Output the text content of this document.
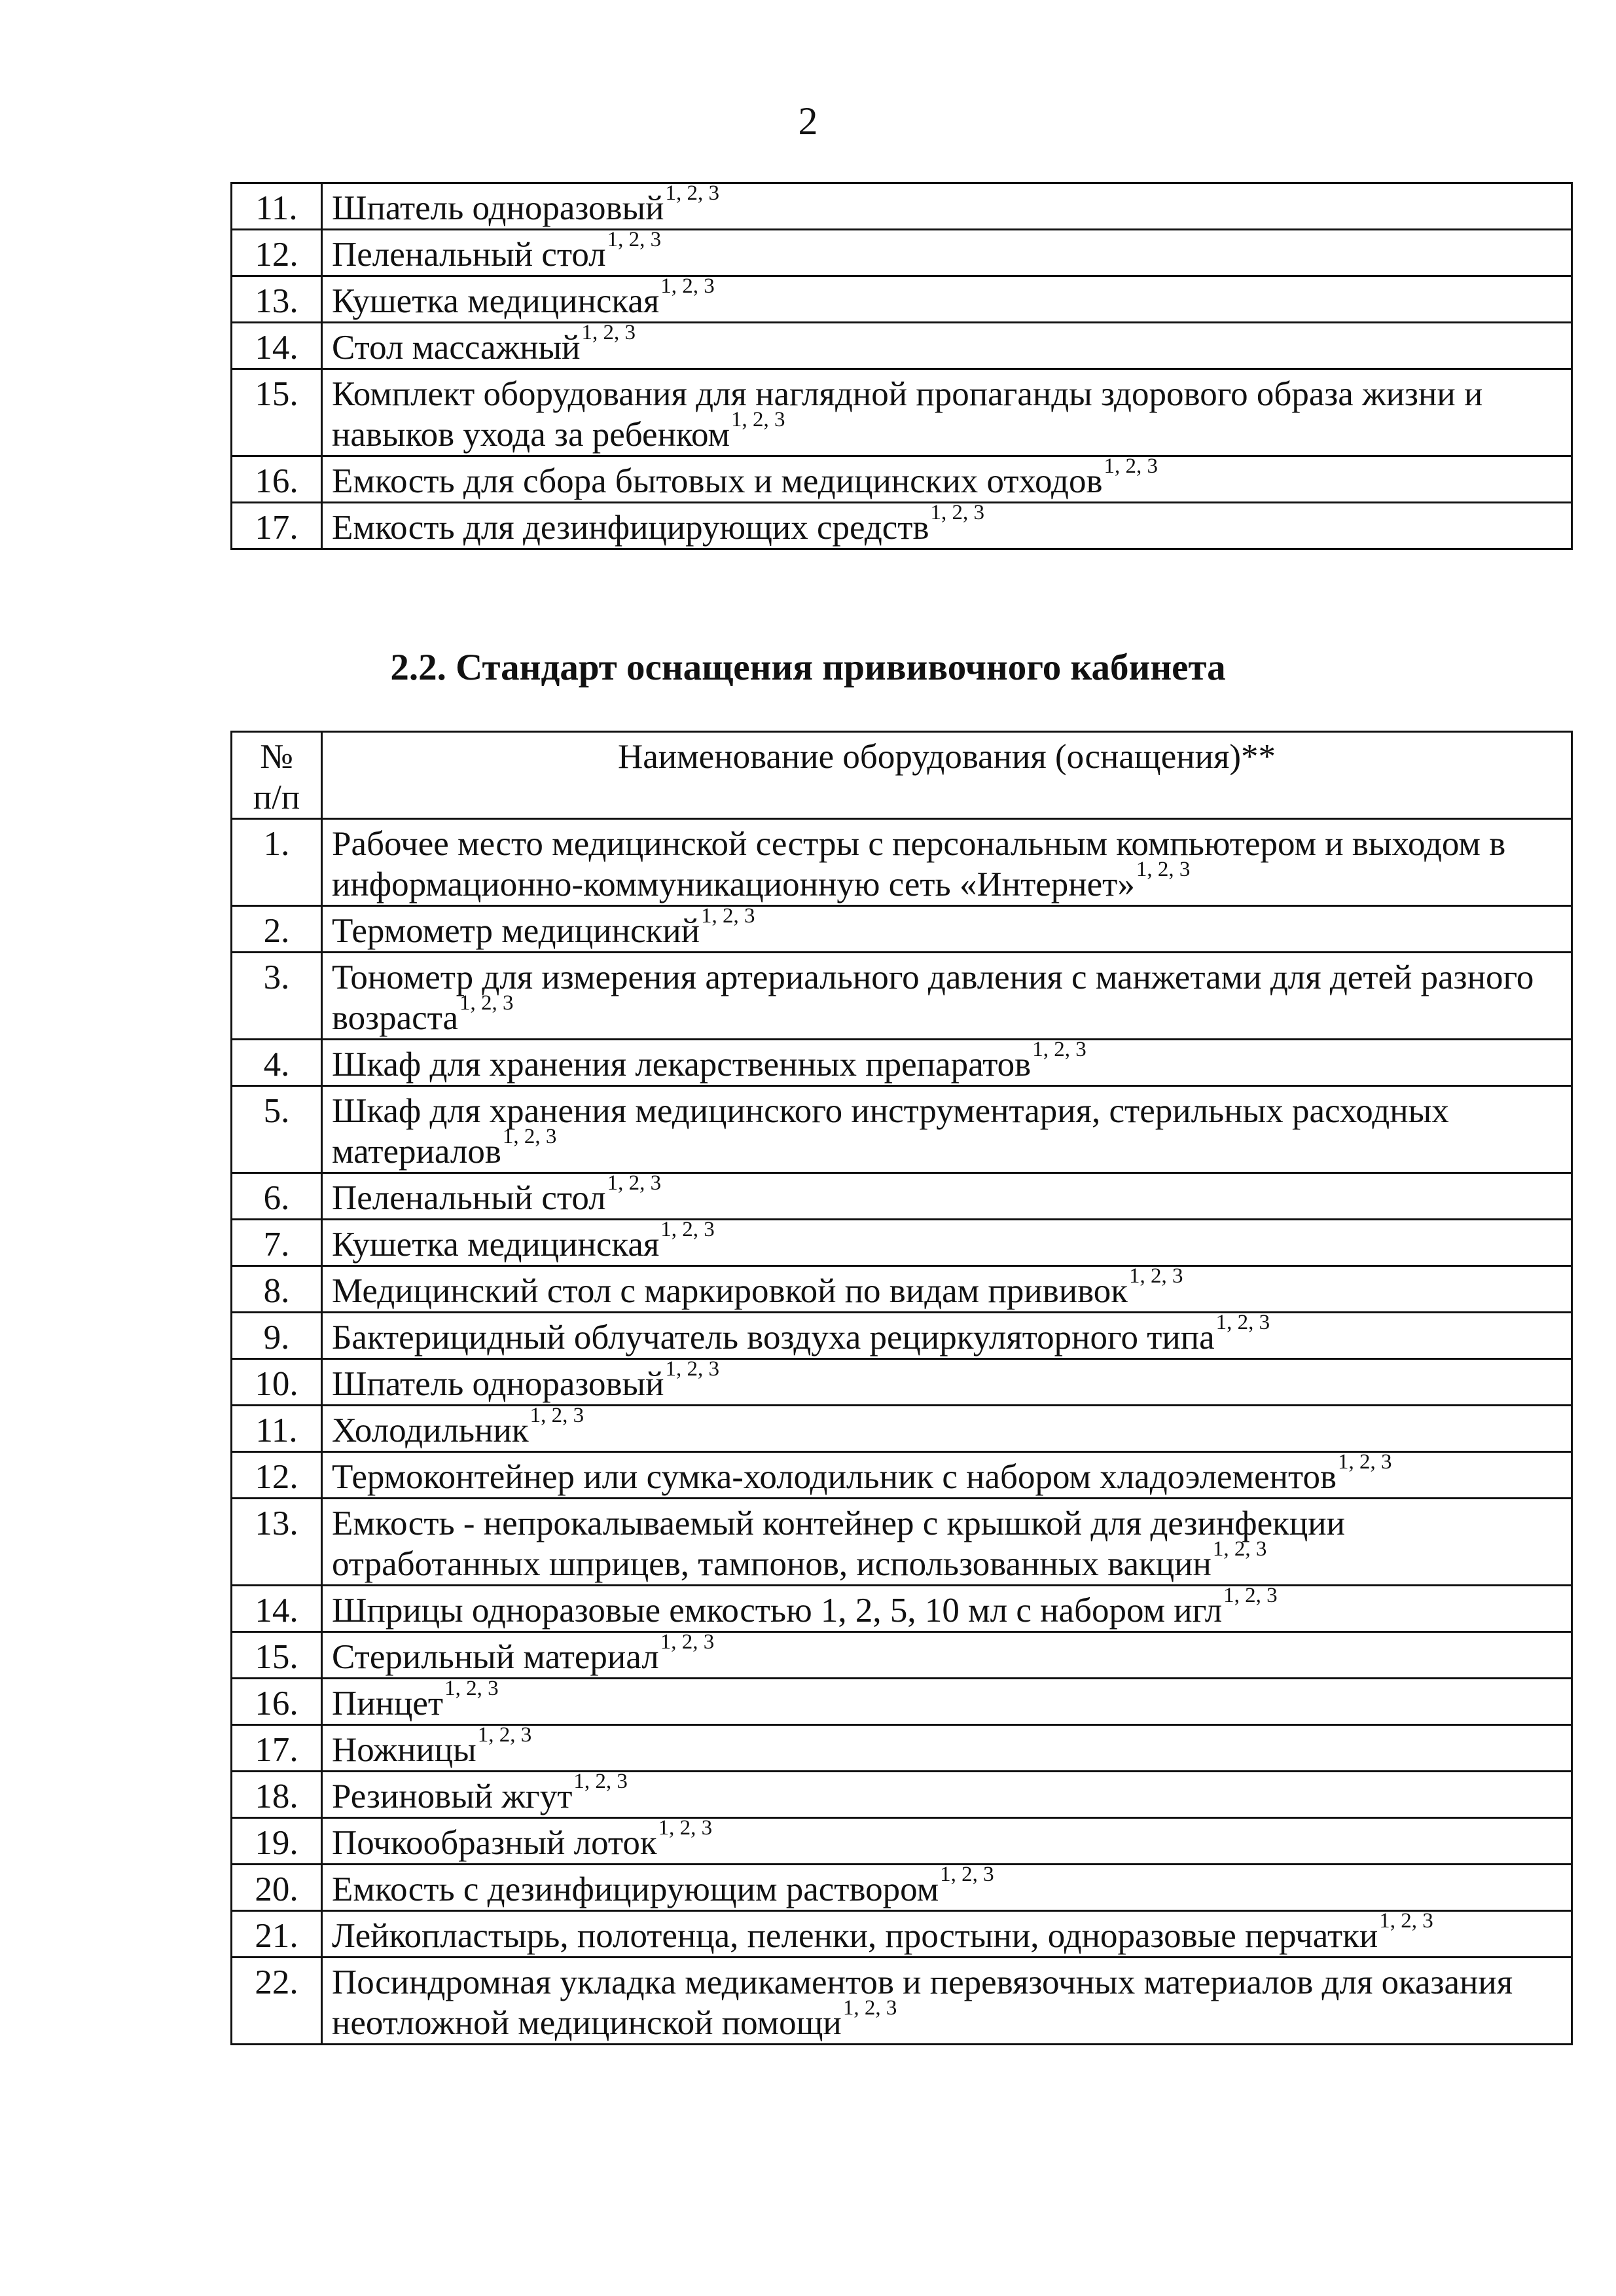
2
11.	Шпатель одноразовый$^{1, 2, 3}$
12.	Пеленальный стол$^{1, 2, 3}$
13.	Кушетка медицинская$^{1, 2, 3}$
14.	Стол массажный$^{1, 2, 3}$
15.	Комплект оборудования для наглядной пропаганды здорового образа жизни и навыков ухода за ребенком$^{1, 2, 3}$
16.	Емкость для сбора бытовых и медицинских отходов$^{1, 2, 3}$
17.	Емкость для дезинфицирующих средств$^{1, 2, 3}$
2.2. Стандарт оснащения прививочного кабинета
№
п/п	Наименование оборудования (оснащения)**
1.	Рабочее место медицинской сестры с персональным компьютером и выходом в информационно-коммуникационную сеть «Интернет»$^{1, 2, 3}$
2.	Термометр медицинский$^{1, 2, 3}$
3.	Тонометр для измерения артериального давления с манжетами для детей разного возраста$^{1, 2, 3}$
4.	Шкаф для хранения лекарственных препаратов$^{1, 2, 3}$
5.	Шкаф для хранения медицинского инструментария, стерильных расходных материалов$^{1, 2, 3}$
6.	Пеленальный стол$^{1, 2, 3}$
7.	Кушетка медицинская$^{1, 2, 3}$
8.	Медицинский стол с маркировкой по видам прививок$^{1, 2, 3}$
9.	Бактерицидный облучатель воздуха рециркуляторного типа$^{1, 2, 3}$
10.	Шпатель одноразовый$^{1, 2, 3}$
11.	Холодильник$^{1, 2, 3}$
12.	Термоконтейнер или сумка-холодильник с набором хладоэлементов$^{1, 2, 3}$
13.	Емкость - непрокалываемый контейнер с крышкой для дезинфекции отработанных шприцев, тампонов, использованных вакцин$^{1, 2, 3}$
14.	Шприцы одноразовые емкостью 1, 2, 5, 10 мл с набором игл$^{1, 2, 3}$
15.	Стерильный материал$^{1, 2, 3}$
16.	Пинцет$^{1, 2, 3}$
17.	Ножницы$^{1, 2, 3}$
18.	Резиновый жгут$^{1, 2, 3}$
19.	Почкообразный лоток$^{1, 2, 3}$
20.	Емкость с дезинфицирующим раствором$^{1, 2, 3}$
21.	Лейкопластырь, полотенца, пеленки, простыни, одноразовые перчатки$^{1, 2, 3}$
22.	Посиндромная укладка медикаментов и перевязочных материалов для оказания неотложной медицинской помощи$^{1, 2, 3}$
